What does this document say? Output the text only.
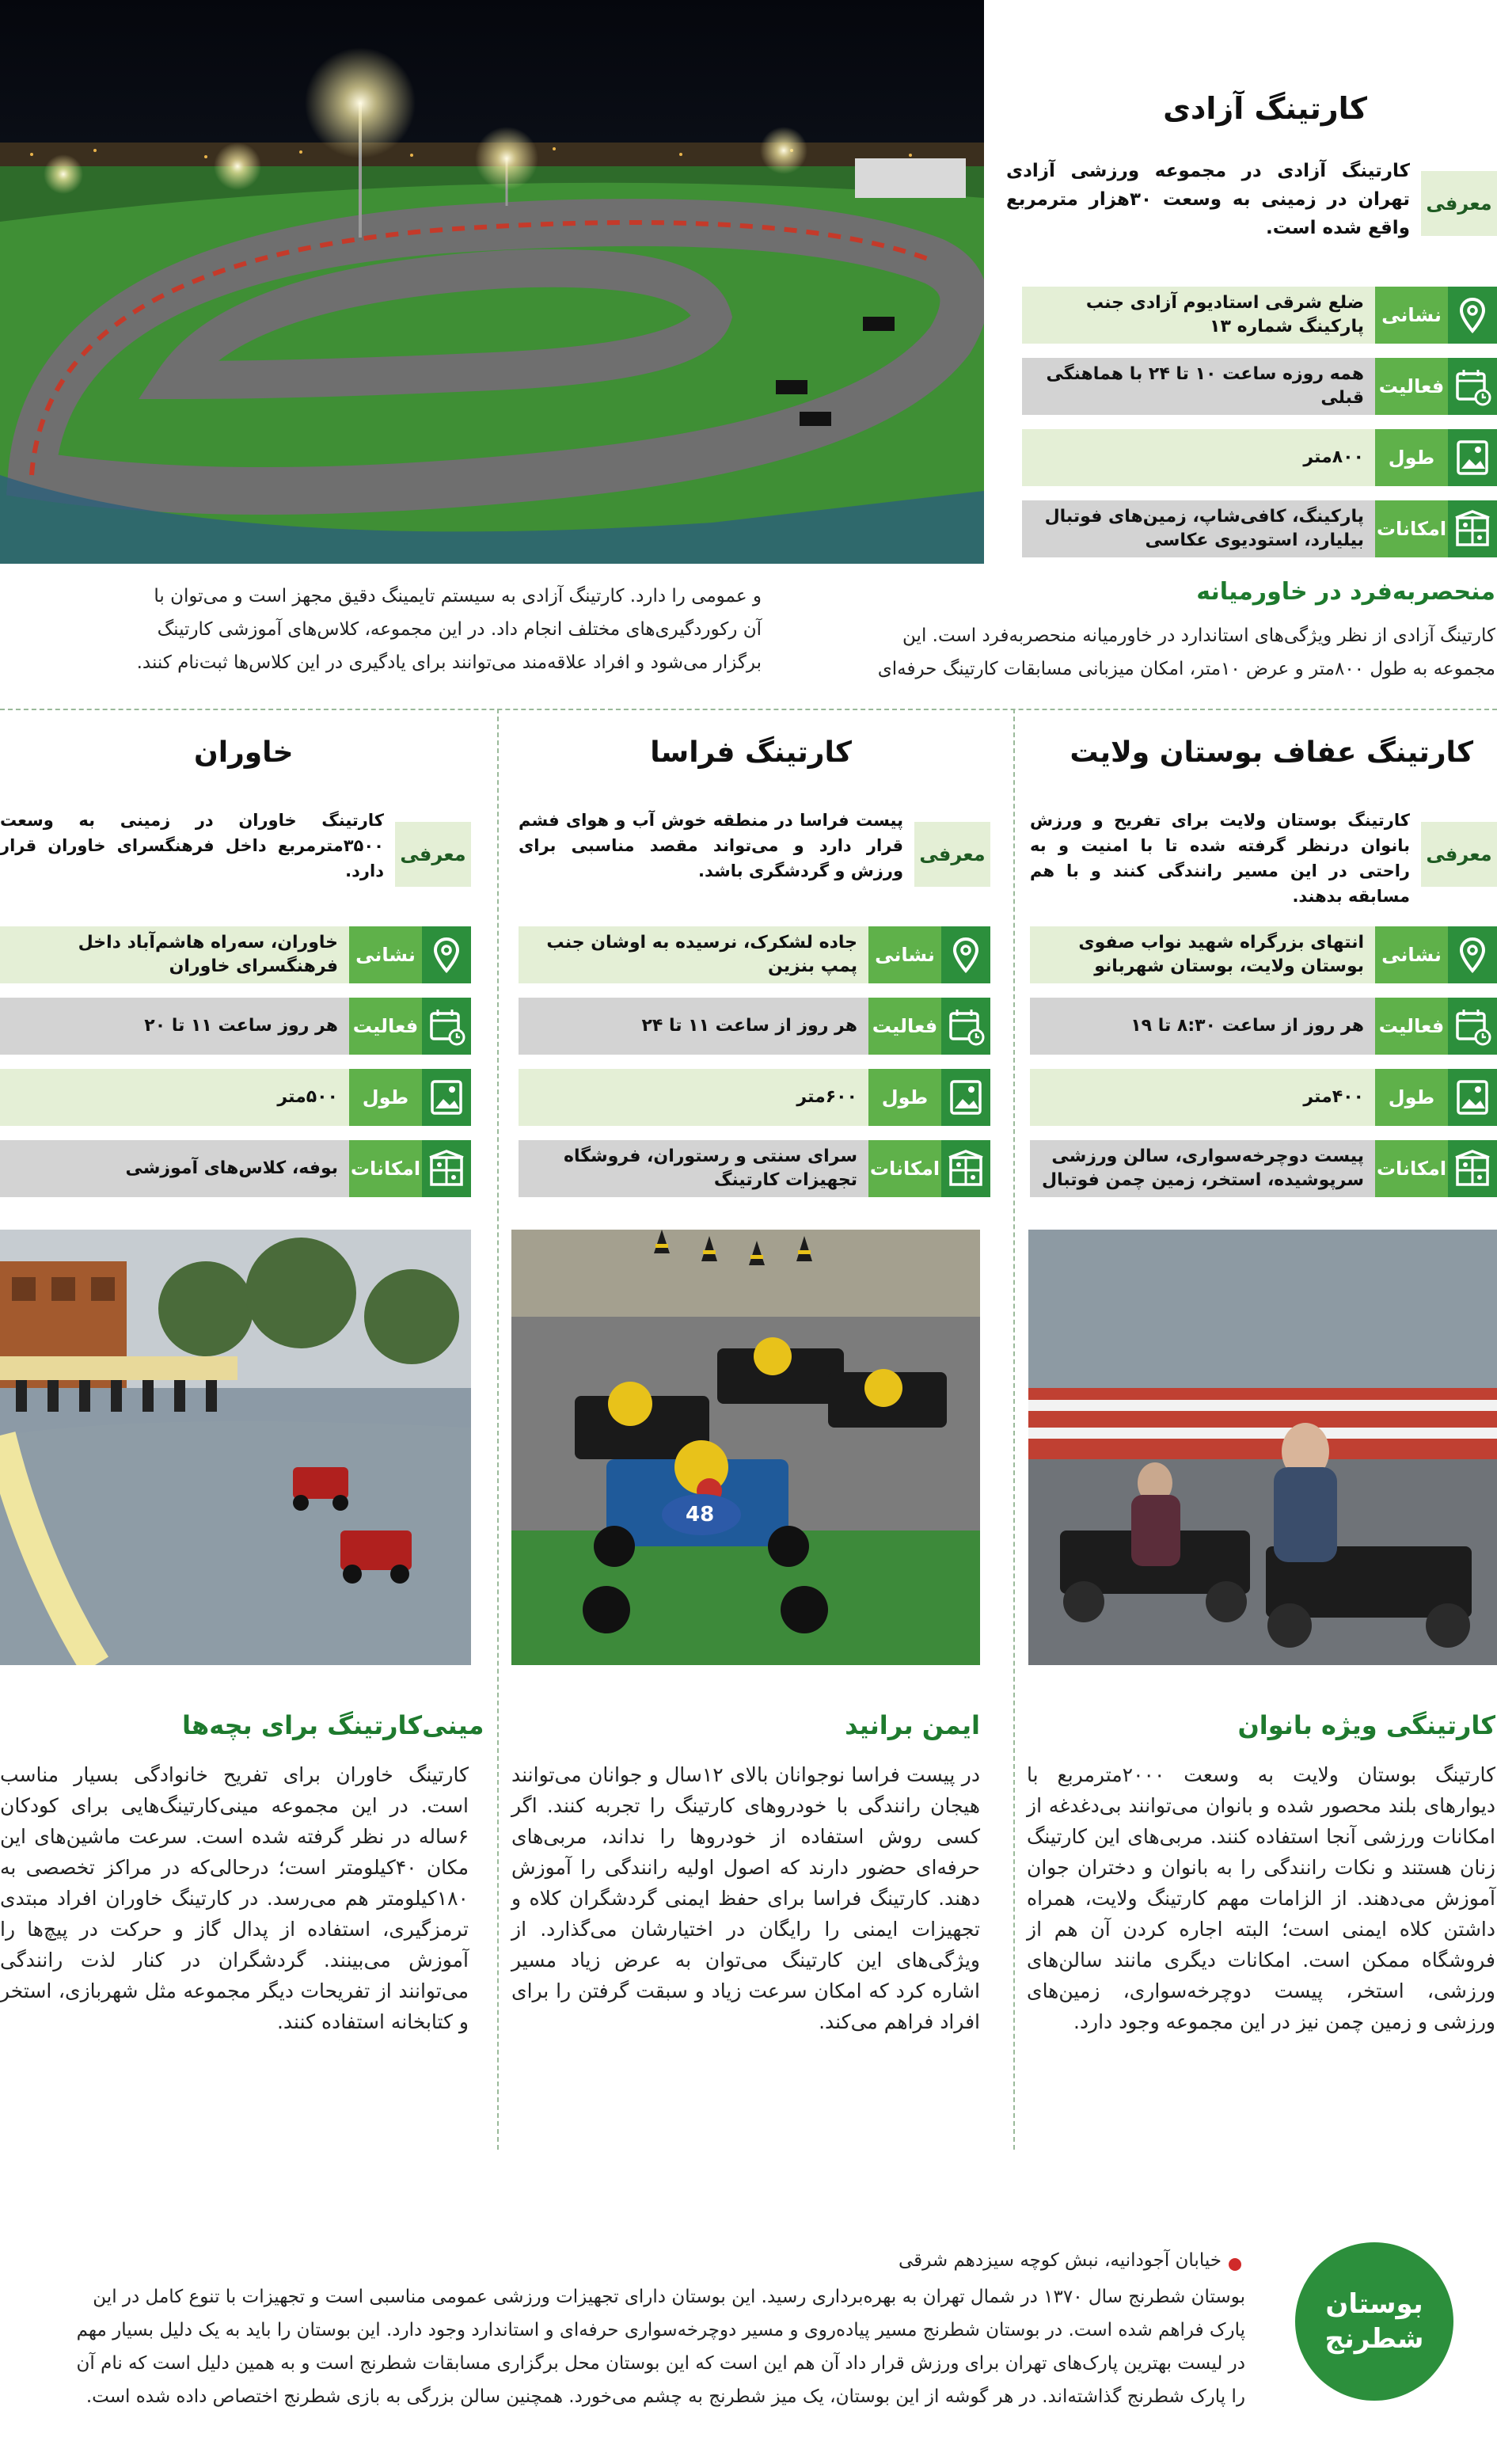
کارتینگ آزادی
معرفی
کارتینگ آزادی در مجموعه ورزشی آزادی تهران در زمینی به وسعت ۳۰هزار مترمربع واقع شده است.
نشانی
ضلع شرقی استادیوم آزادی جنب پارکینگ شماره ۱۳
فعالیت
همه روزه ساعت ۱۰ تا ۲۴ با هماهنگی قبلی
طول
۸۰۰متر
امکانات
پارکینگ، کافی‌شاپ، زمین‌های فوتبال بیلیارد، استودیوی عکاسی
منحصربه‌فرد در خاورمیانه
کارتینگ آزادی از نظر ویژگی‌های استاندارد در خاورمیانه منحصربه‌فرد است. این
مجموعه به طول ۸۰۰متر و عرض ۱۰متر، امکان میزبانی مسابقات کارتینگ حرفه‌ای
و عمومی را دارد. کارتینگ آزادی به سیستم تایمینگ دقیق مجهز است و می‌توان با
آن رکوردگیری‌های مختلف انجام داد. در این مجموعه، کلاس‌های آموزشی کارتینگ
برگزار می‌شود و افراد علاقه‌مند می‌توانند برای یادگیری در این کلاس‌ها ثبت‌نام کنند.
کارتینگ عفاف بوستان ولایت
معرفی
کارتینگ بوستان ولایت برای تفریح و ورزش بانوان درنظر گرفته شده تا با امنیت و به راحتی در این مسیر رانندگی کنند و با هم مسابقه بدهند.
نشانی
انتهای بزرگراه شهید نواب صفوی بوستان ولایت، بوستان شهربانو
فعالیت
هر روز از ساعت ۸:۳۰ تا ۱۹
طول
۴۰۰متر
امکانات
پیست دوچرخه‌سواری، سالن ورزشی سرپوشیده، استخر، زمین چمن فوتبال
کارتینگی ویژه بانوان
کارتینگ بوستان ولایت به وسعت ۲۰۰۰مترمربع با دیوارهای بلند محصور شده و بانوان می‌توانند بی‌دغدغه از امکانات ورزشی آنجا استفاده کنند. مربی‌های این کارتینگ زنان هستند و نکات رانندگی را به بانوان و دختران جوان آموزش می‌دهند. از الزامات مهم کارتینگ ولایت، همراه داشتن کلاه ایمنی است؛ البته اجاره کردن آن هم از فروشگاه ممکن است. امکانات دیگری مانند سالن‌های ورزشی، استخر، پیست دوچرخه‌سواری، زمین‌های ورزشی و زمین چمن نیز در این مجموعه وجود دارد.
کارتینگ فراسا
معرفی
پیست فراسا در منطقه خوش آب و هوای فشم قرار دارد و می‌تواند مقصد مناسبی برای ورزش و گردشگری باشد.
نشانی
جاده لشکرک، نرسیده به اوشان جنب پمپ بنزین
فعالیت
هر روز از ساعت ۱۱ تا ۲۴
طول
۶۰۰متر
امکانات
سرای سنتی و رستوران، فروشگاه تجهیزات کارتینگ
48
ایمن برانید
در پیست فراسا نوجوانان بالای ۱۲سال و جوانان می‌توانند هیجان رانندگی با خودروهای کارتینگ را تجربه کنند. اگر کسی روش استفاده از خودروها را نداند، مربی‌های حرفه‌ای حضور دارند که اصول اولیه رانندگی را آموزش دهند. کارتینگ فراسا برای حفظ ایمنی گردشگران کلاه و تجهیزات ایمنی را رایگان در اختیارشان می‌گذارد. از ویژگی‌های این کارتینگ می‌توان به عرض زیاد مسیر اشاره کرد که امکان سرعت زیاد و سبقت گرفتن را برای افراد فراهم می‌کند.
خاوران
معرفی
کارتینگ خاوران در زمینی به وسعت ۳۵۰۰مترمربع داخل فرهنگسرای خاوران قرار دارد.
نشانی
خاوران، سه‌راه هاشم‌آباد داخل فرهنگسرای خاوران
فعالیت
هر روز ساعت ۱۱ تا ۲۰
طول
۵۰۰متر
امکانات
بوفه، کلاس‌های آموزشی
مینی‌کارتینگ برای بچه‌ها
کارتینگ خاوران برای تفریح خانوادگی بسیار مناسب است. در این مجموعه مینی‌کارتینگ‌هایی برای کودکان ۶ساله در نظر گرفته شده است. سرعت ماشین‌های این مکان ۴۰کیلومتر است؛ درحالی‌که در مراکز تخصصی به ۱۸۰کیلومتر هم می‌رسد. در کارتینگ خاوران افراد مبتدی ترمزگیری، استفاده از پدال گاز و حرکت در پیچ‌ها را آموزش می‌بینند. گردشگران در کنار لذت رانندگی می‌توانند از تفریحات دیگر مجموعه مثل شهربازی، استخر و کتابخانه استفاده کنند.
بوستان
شطرنج
خیابان آجودانیه، نبش کوچه سیزدهم شرقی
بوستان شطرنج سال ۱۳۷۰ در شمال تهران به بهره‌برداری رسید. این بوستان دارای تجهیزات ورزشی عمومی مناسبی است و تجهیزات با تنوع کامل در این
پارک فراهم شده است. در بوستان شطرنج مسیر پیاده‌روی و مسیر دوچرخه‌سواری حرفه‌ای و استاندارد وجود دارد. این بوستان را باید به یک دلیل بسیار مهم
در لیست بهترین پارک‌های تهران برای ورزش قرار داد آن هم این است که این بوستان محل برگزاری مسابقات شطرنج است و به همین دلیل است که نام آن
را پارک شطرنج گذاشته‌اند. در هر گوشه از این بوستان، یک میز شطرنج به چشم می‌خورد. همچنین سالن بزرگی به بازی شطرنج اختصاص داده شده است.
